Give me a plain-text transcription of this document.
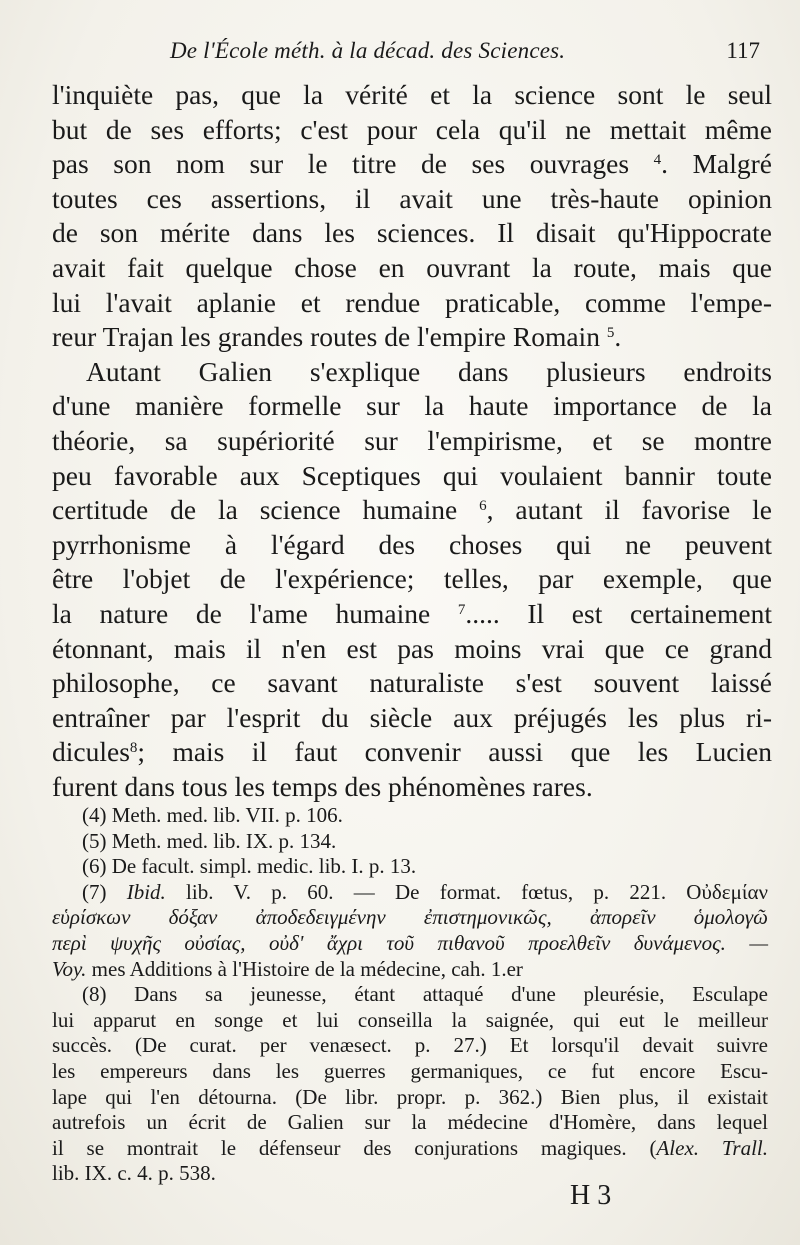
De l'École méth. à la décad. des Sciences.	117

l'inquiète pas, que la vérité et la science sont le seul
but de ses efforts; c'est pour cela qu'il ne mettait même
pas son nom sur le titre de ses ouvrages $^4$. Malgré
toutes ces assertions, il avait une très-haute opinion
de son mérite dans les sciences. Il disait qu'Hippocrate
avait fait quelque chose en ouvrant la route, mais que
lui l'avait aplanie et rendue praticable, comme l'empe-
reur Trajan les grandes routes de l'empire Romain $^5$.

Autant Galien s'explique dans plusieurs endroits
d'une manière formelle sur la haute importance de la
théorie, sa supériorité sur l'empirisme, et se montre
peu favorable aux Sceptiques qui voulaient bannir toute
certitude de la science humaine $^6$, autant il favorise le
pyrrhonisme à l'égard des choses qui ne peuvent
être l'objet de l'expérience; telles, par exemple, que
la nature de l'ame humaine $^7$..... Il est certainement
étonnant, mais il n'en est pas moins vrai que ce grand
philosophe, ce savant naturaliste s'est souvent laissé
entraîner par l'esprit du siècle aux préjugés les plus ri-
dicules$^8$; mais il faut convenir aussi que les Lucien
furent dans tous les temps des phénomènes rares.

(4) Meth. med. lib. VII. p. 106.
(5) Meth. med. lib. IX. p. 134.
(6) De facult. simpl. medic. lib. I. p. 13.
(7) Ibid. lib. V. p. 60. — De format. fœtus, p. 221. Οὐδεμίαν
εὑρίσκων δόξαν ἀποδεδειγμένην ἐπιστημονικῶς, ἀπορεῖν ὁμολογῶ
περὶ ψυχῆς οὐσίας, οὐδ' ἄχρι τοῦ πιθανοῦ προελθεῖν δυνάμενος. —
Voy. mes Additions à l'Histoire de la médecine, cah. 1.er
(8) Dans sa jeunesse, étant attaqué d'une pleurésie, Esculape
lui apparut en songe et lui conseilla la saignée, qui eut le meilleur
succès. (De curat. per venæsect. p. 27.) Et lorsqu'il devait suivre
les empereurs dans les guerres germaniques, ce fut encore Escu-
lape qui l'en détourna. (De libr. propr. p. 362.) Bien plus, il existait
autrefois un écrit de Galien sur la médecine d'Homère, dans lequel
il se montrait le défenseur des conjurations magiques. (Alex. Trall.
lib. IX. c. 4. p. 538.
H 3
